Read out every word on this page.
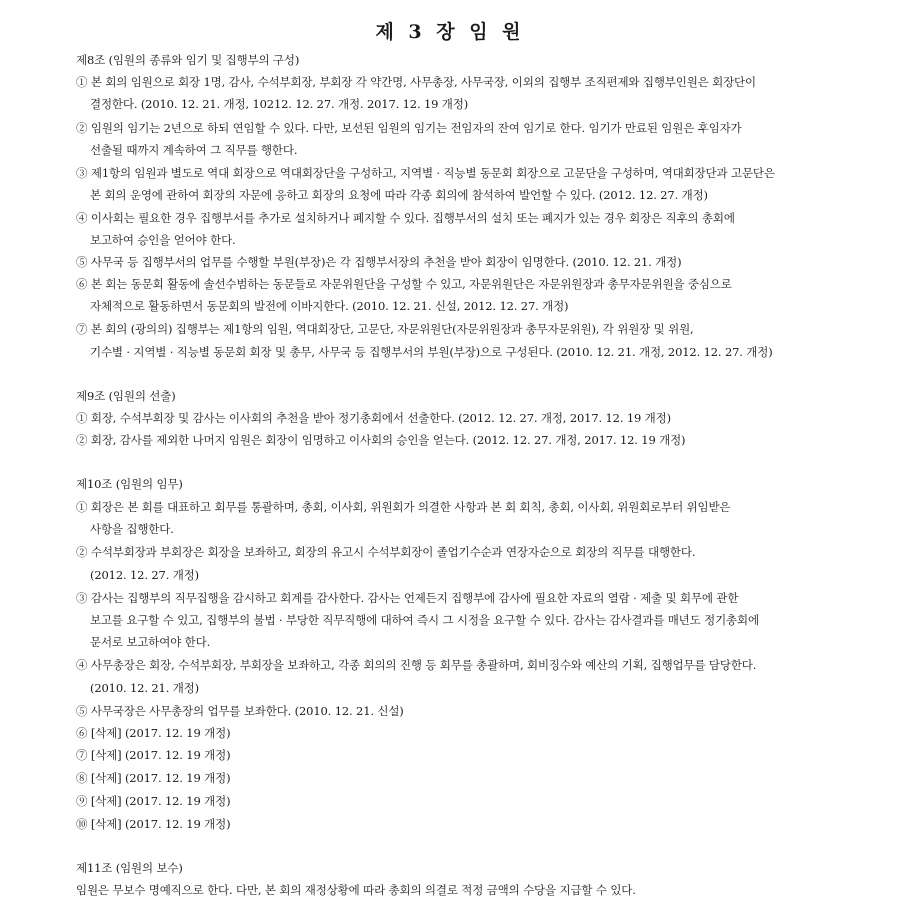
제 3 장 임 원
제8조 (임원의 종류와 임기 및 집행부의 구성)
① 본 회의 임원으로 회장 1명, 감사, 수석부회장, 부회장 각 약간명, 사무총장, 사무국장, 이외의 집행부 조직편제와 집행부인원은 회장단이
결정한다. (2010. 12. 21. 개정, 10212. 12. 27. 개정. 2017. 12. 19 개정)
② 임원의 임기는 2년으로 하되 연임할 수 있다. 다만, 보선된 임원의 임기는 전임자의 잔여 임기로 한다. 임기가 만료된 임원은 후임자가
선출될 때까지 계속하여 그 직무를 행한다.
③ 제1항의 임원과 별도로 역대 회장으로 역대회장단을 구성하고, 지역별 · 직능별 동문회 회장으로 고문단을 구성하며, 역대회장단과 고문단은
본 회의 운영에 관하여 회장의 자문에 응하고 회장의 요청에 따라 각종 회의에 참석하여 발언할 수 있다. (2012. 12. 27. 개정)
④ 이사회는 필요한 경우 집행부서를 추가로 설치하거나 폐지할 수 있다. 집행부서의 설치 또는 폐지가 있는 경우 회장은 직후의 총회에
보고하여 승인을 얻어야 한다.
⑤ 사무국 등 집행부서의 업무를 수행할 부원(부장)은 각 집행부서장의 추천을 받아 회장이 임명한다. (2010. 12. 21. 개정)
⑥ 본 회는 동문회 활동에 솔선수범하는 동문들로 자문위원단을 구성할 수 있고, 자문위원단은 자문위원장과 총무자문위원을 중심으로
자체적으로 활동하면서 동문회의 발전에 이바지한다. (2010. 12. 21. 신설, 2012. 12. 27. 개정)
⑦ 본 회의 (광의의) 집행부는 제1항의 임원, 역대회장단, 고문단, 자문위원단(자문위원장과 총무자문위원), 각 위원장 및 위원,
기수별 · 지역별 · 직능별 동문회 회장 및 총무, 사무국 등 집행부서의 부원(부장)으로 구성된다. (2010. 12. 21. 개정, 2012. 12. 27. 개정)
제9조 (임원의 선출)
① 회장, 수석부회장 및 감사는 이사회의 추천을 받아 정기총회에서 선출한다. (2012. 12. 27. 개정, 2017. 12. 19 개정)
② 회장, 감사를 제외한 나머지 임원은 회장이 임명하고 이사회의 승인을 얻는다. (2012. 12. 27. 개정, 2017. 12. 19 개정)
제10조 (임원의 임무)
① 회장은 본 회를 대표하고 회무를 통괄하며, 총회, 이사회, 위원회가 의결한 사항과 본 회 회칙, 총회, 이사회, 위원회로부터 위임받은
사항을 집행한다.
② 수석부회장과 부회장은 회장을 보좌하고, 회장의 유고시 수석부회장이 졸업기수순과 연장자순으로 회장의 직무를 대행한다.
(2012. 12. 27. 개정)
③ 감사는 집행부의 직무집행을 감시하고 회계를 감사한다. 감사는 언제든지 집행부에 감사에 필요한 자료의 열람 · 제출 및 회무에 관한
보고를 요구할 수 있고, 집행부의 불법 · 부당한 직무직행에 대하여 즉시 그 시정을 요구할 수 있다. 감사는 감사결과를 매년도 정기총회에
문서로 보고하여야 한다.
④ 사무총장은 회장, 수석부회장, 부회장을 보좌하고, 각종 회의의 진행 등 회무를 총괄하며, 회비징수와 예산의 기획, 집행업무를 담당한다.
(2010. 12. 21. 개정)
⑤ 사무국장은 사무총장의 업무를 보좌한다. (2010. 12. 21. 신설)
⑥ [삭제] (2017. 12. 19 개정)
⑦ [삭제] (2017. 12. 19 개정)
⑧ [삭제] (2017. 12. 19 개정)
⑨ [삭제] (2017. 12. 19 개정)
⑩ [삭제] (2017. 12. 19 개정)
제11조 (임원의 보수)
임원은 무보수 명예직으로 한다. 다만, 본 회의 재정상황에 따라 총회의 의결로 적정 금액의 수당을 지급할 수 있다.
